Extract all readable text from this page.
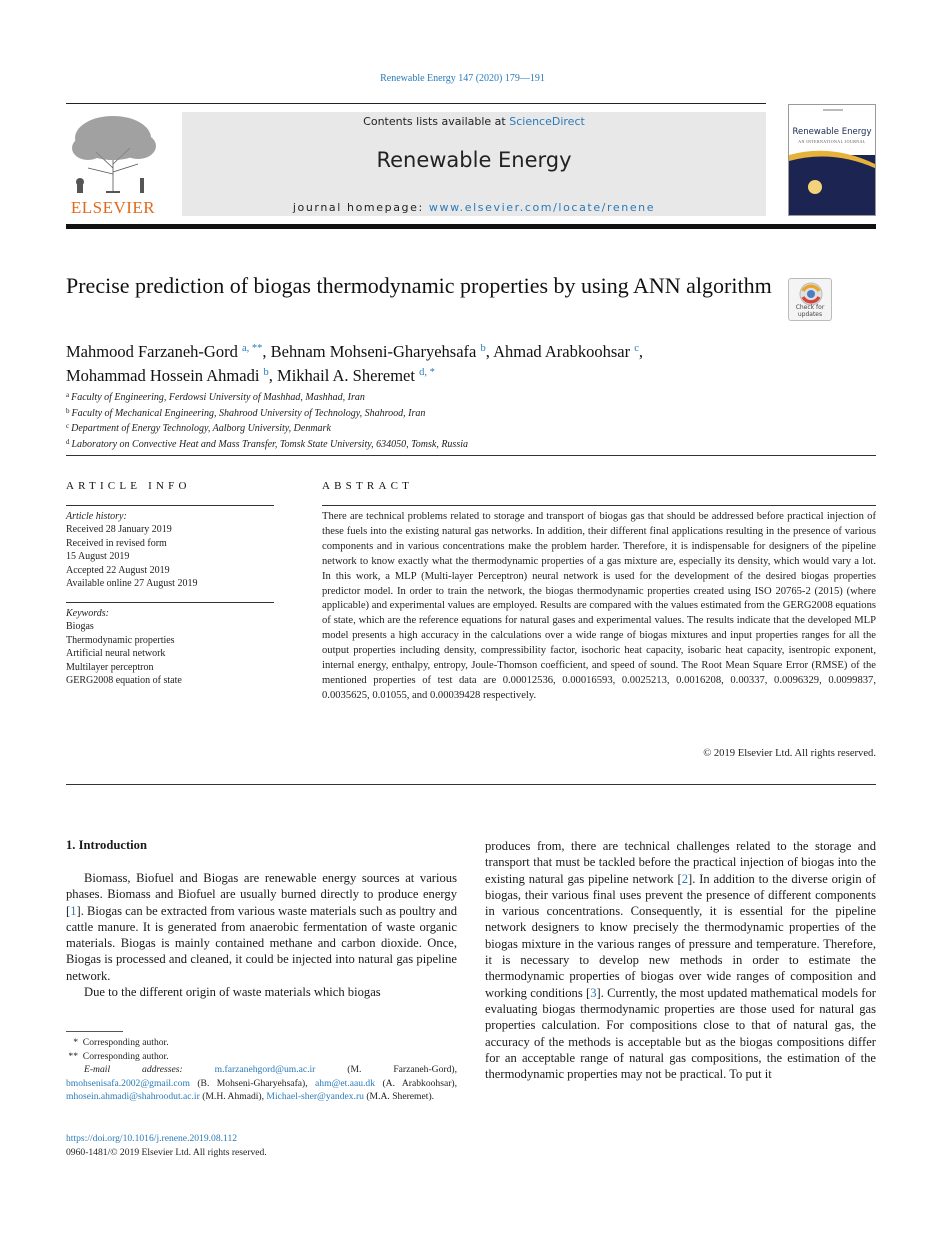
Renewable Energy 147 (2020) 179—191
ELSEVIER
Contents lists available at ScienceDirect
Renewable Energy
journal homepage: www.elsevier.com/locate/renene
Renewable Energy
AN INTERNATIONAL JOURNAL
Precise prediction of biogas thermodynamic properties by using ANN algorithm
Check for updates
Mahmood Farzaneh-Gord $^{a, **}$, Behnam Mohseni-Gharyehsafa $^b$, Ahmad Arabkoohsar $^c$,
Mohammad Hossein Ahmadi $^b$, Mikhail A. Sheremet $^{d, *}$
$^a$ Faculty of Engineering, Ferdowsi University of Mashhad, Mashhad, Iran
$^b$ Faculty of Mechanical Engineering, Shahrood University of Technology, Shahrood, Iran
$^c$ Department of Energy Technology, Aalborg University, Denmark
$^d$ Laboratory on Convective Heat and Mass Transfer, Tomsk State University, 634050, Tomsk, Russia
ARTICLE INFO
Article history:
Received 28 January 2019
Received in revised form
15 August 2019
Accepted 22 August 2019
Available online 27 August 2019
Keywords:
Biogas
Thermodynamic properties
Artificial neural network
Multilayer perceptron
GERG2008 equation of state
ABSTRACT
There are technical problems related to storage and transport of biogas gas that should be addressed before practical injection of these fuels into the existing natural gas networks. In addition, their different final applications resulting in the presence of various components and in various concentrations make the problem harder. Therefore, it is indispensable for designers of the pipeline network to know exactly what the thermodynamic properties of a gas mixture are, especially its density, which would vary a lot. In this work, a MLP (Multi-layer Perceptron) neural network is used for the development of the desired biogas properties predictor model. In order to train the network, the biogas thermodynamic properties created using ISO 20765-2 (2015) (where applicable) and experimental values are employed. Results are compared with the values estimated from the GERG2008 equations of state, which are the reference equations for natural gases and experimental values. The results indicate that the developed MLP model presents a high accuracy in the calculations over a wide range of biogas mixtures and input properties ranges for all the output properties including density, compressibility factor, isochoric heat capacity, isobaric heat capacity, isentropic exponent, internal energy, enthalpy, entropy, Joule-Thomson coefficient, and speed of sound. The Root Mean Square Error (RMSE) of the mentioned properties of test data are 0.00012536, 0.00016593, 0.0025213, 0.0016208, 0.00337, 0.0096329, 0.0099837, 0.0035625, 0.01055, and 0.00039428 respectively.
© 2019 Elsevier Ltd. All rights reserved.
1. Introduction

Biomass, Biofuel and Biogas are renewable energy sources at various phases. Biomass and Biofuel are usually burned directly to produce energy [1]. Biogas can be extracted from various waste materials such as poultry and cattle manure. It is generated from anaerobic fermentation of waste organic materials. Biogas is mainly contained methane and carbon dioxide. Once, Biogas is processed and cleaned, it could be injected into natural gas pipeline network.

Due to the different origin of waste materials which biogas

produces from, there are technical challenges related to the storage and transport that must be tackled before the practical injection of biogas into the existing natural gas pipeline network [2]. In addition to the diverse origin of biogas, their various final uses prevent the presence of different components in various concentrations. Consequently, it is essential for the pipeline network designers to know precisely the thermodynamic properties of the biogas mixture in the various ranges of pressure and temperature. Therefore, it is necessary to develop new methods in order to estimate the thermodynamic properties of biogas over wide ranges of composition and working conditions [3]. Currently, the most updated mathematical models for evaluating biogas thermodynamic properties are those used for natural gas properties calculation. For compositions close to that of natural gas, the accuracy of the methods is acceptable but as the biogas compositions differ for an acceptable range of natural gas compositions, the estimation of the thermodynamic properties may not be practical. To put it
*  Corresponding author.
**  Corresponding author.
E-mail addresses:	m.farzanehgord@um.ac.ir (M. Farzaneh-Gord), bmohsenisafa.2002@gmail.com (B. Mohseni-Gharyehsafa), ahm@et.aau.dk (A. Arabkoohsar), mhosein.ahmadi@shahroodut.ac.ir (M.H. Ahmadi), Michael-sher@yandex.ru (M.A. Sheremet).
https://doi.org/10.1016/j.renene.2019.08.112
0960-1481/© 2019 Elsevier Ltd. All rights reserved.
